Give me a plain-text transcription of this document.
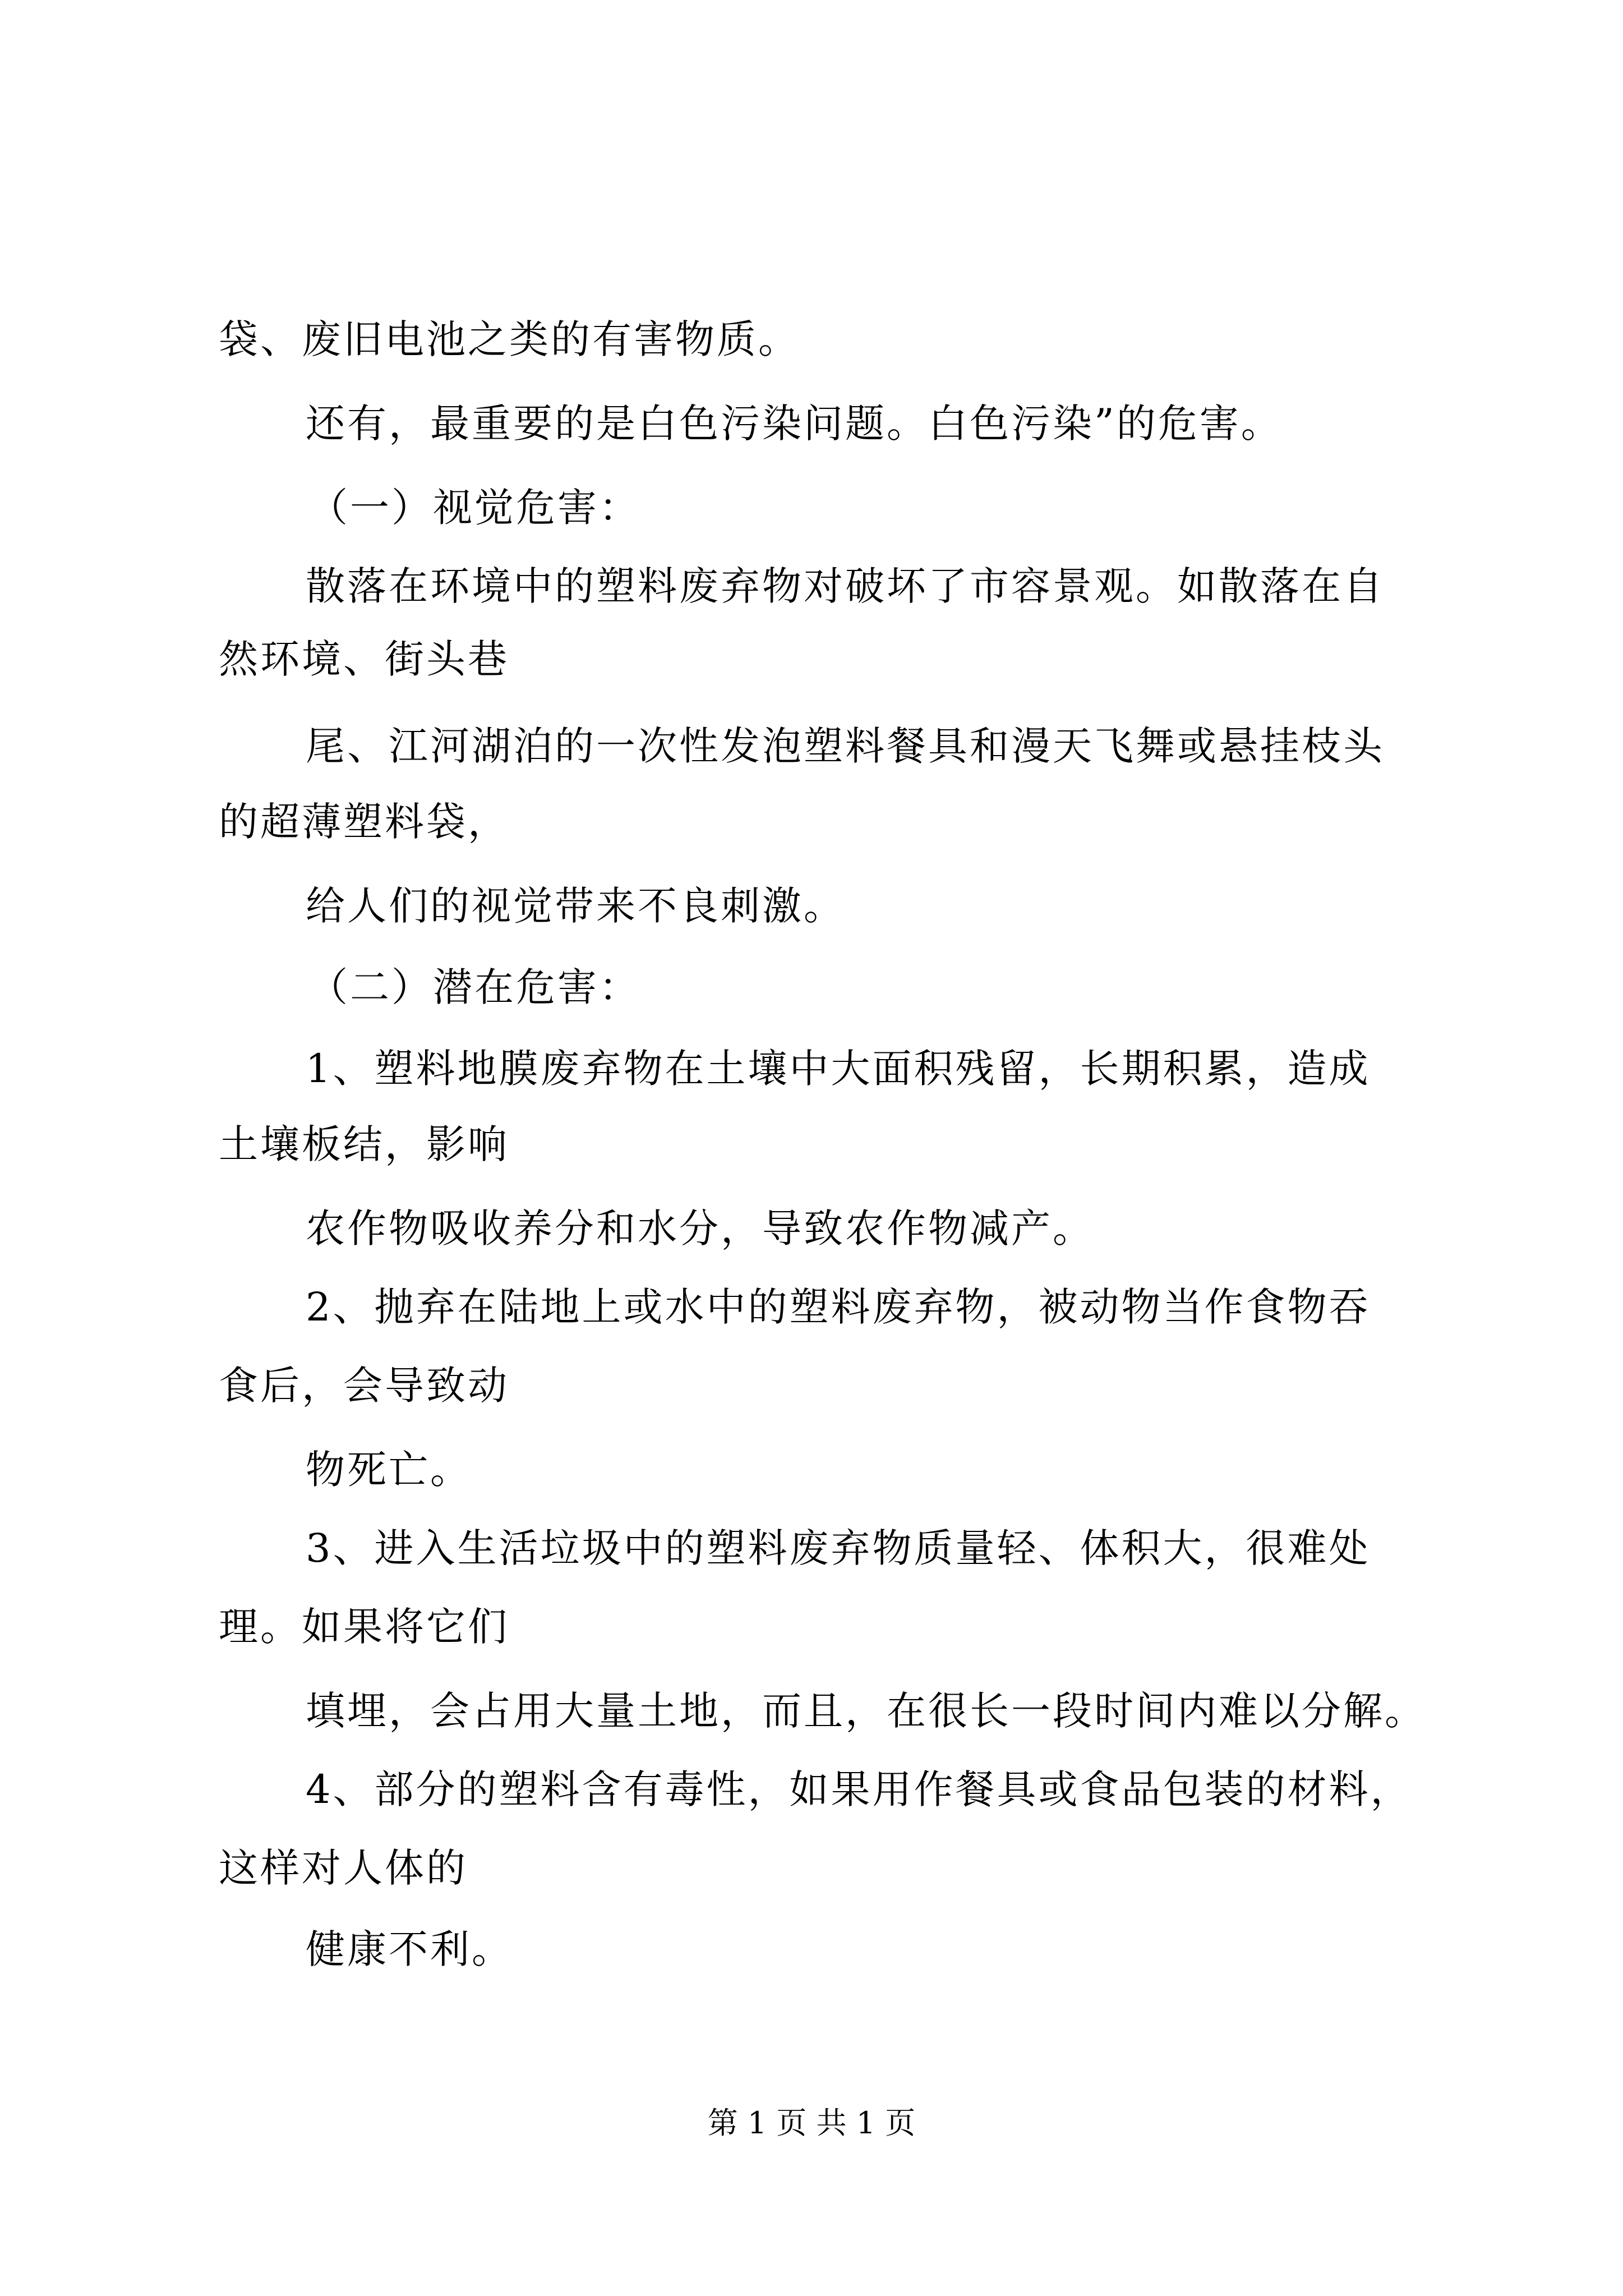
袋、废旧电池之类的有害物质。
还有，最重要的是白色污染问题。白色污染”的危害。
（一）视觉危害：
散落在环境中的塑料废弃物对破坏了市容景观。如散落在自
然环境、街头巷
尾、江河湖泊的一次性发泡塑料餐具和漫天飞舞或悬挂枝头
的超薄塑料袋，
给人们的视觉带来不良刺激。
（二）潜在危害：
1、塑料地膜废弃物在土壤中大面积残留，长期积累，造成
土壤板结，影响
农作物吸收养分和水分，导致农作物减产。
2、抛弃在陆地上或水中的塑料废弃物，被动物当作食物吞
食后，会导致动
物死亡。
3、进入生活垃圾中的塑料废弃物质量轻、体积大，很难处
理。如果将它们
填埋，会占用大量土地，而且，在很长一段时间内难以分解。
4、部分的塑料含有毒性，如果用作餐具或食品包装的材料，
这样对人体的
健康不利。
第 1 页 共 1 页
